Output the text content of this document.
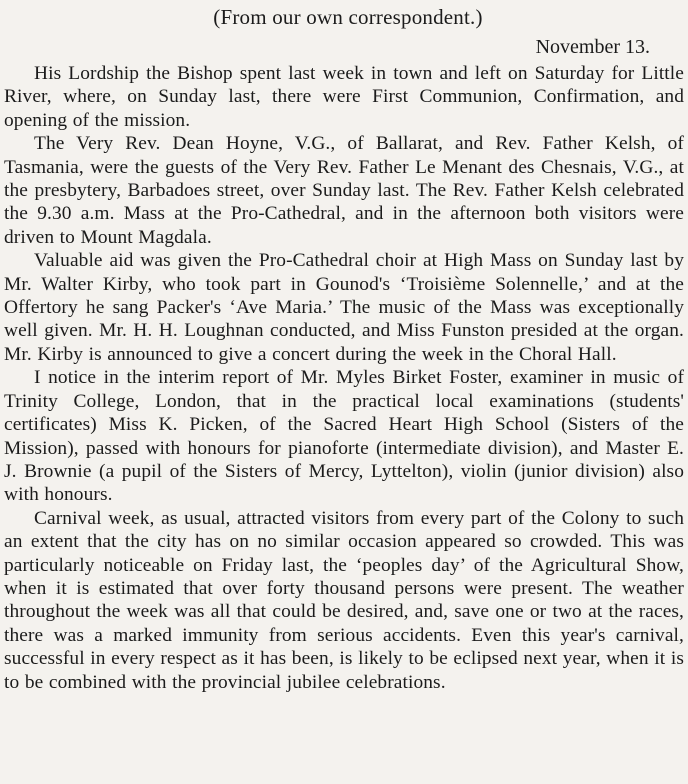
(From our own correspondent.)

November 13.

His Lordship the Bishop spent last week in town and left on Saturday for Little River, where, on Sunday last, there were First Communion, Confirmation, and opening of the mission.

The Very Rev. Dean Hoyne, V.G., of Ballarat, and Rev. Father Kelsh, of Tasmania, were the guests of the Very Rev. Father Le Menant des Chesnais, V.G., at the presbytery, Barbadoes street, over Sunday last. The Rev. Father Kelsh celebrated the 9.30 a.m. Mass at the Pro-Cathedral, and in the afternoon both visitors were driven to Mount Magdala.

Valuable aid was given the Pro-Cathedral choir at High Mass on Sunday last by Mr. Walter Kirby, who took part in Gounod's ‘Troisième Solennelle,’ and at the Offertory he sang Packer's ‘Ave Maria.’ The music of the Mass was exceptionally well given. Mr. H. H. Loughnan conducted, and Miss Funston presided at the organ. Mr. Kirby is announced to give a concert during the week in the Choral Hall.

I notice in the interim report of Mr. Myles Birket Foster, examiner in music of Trinity College, London, that in the practical local examinations (students' certificates) Miss K. Picken, of the Sacred Heart High School (Sisters of the Mission), passed with honours for pianoforte (intermediate division), and Master E. J. Brownie (a pupil of the Sisters of Mercy, Lyttelton), violin (junior division) also with honours.

Carnival week, as usual, attracted visitors from every part of the Colony to such an extent that the city has on no similar occasion appeared so crowded. This was particularly noticeable on Friday last, the ‘peoples day’ of the Agricultural Show, when it is estimated that over forty thousand persons were present. The weather throughout the week was all that could be desired, and, save one or two at the races, there was a marked immunity from serious accidents. Even this year's carnival, successful in every respect as it has been, is likely to be eclipsed next year, when it is to be combined with the provincial jubilee celebrations.
